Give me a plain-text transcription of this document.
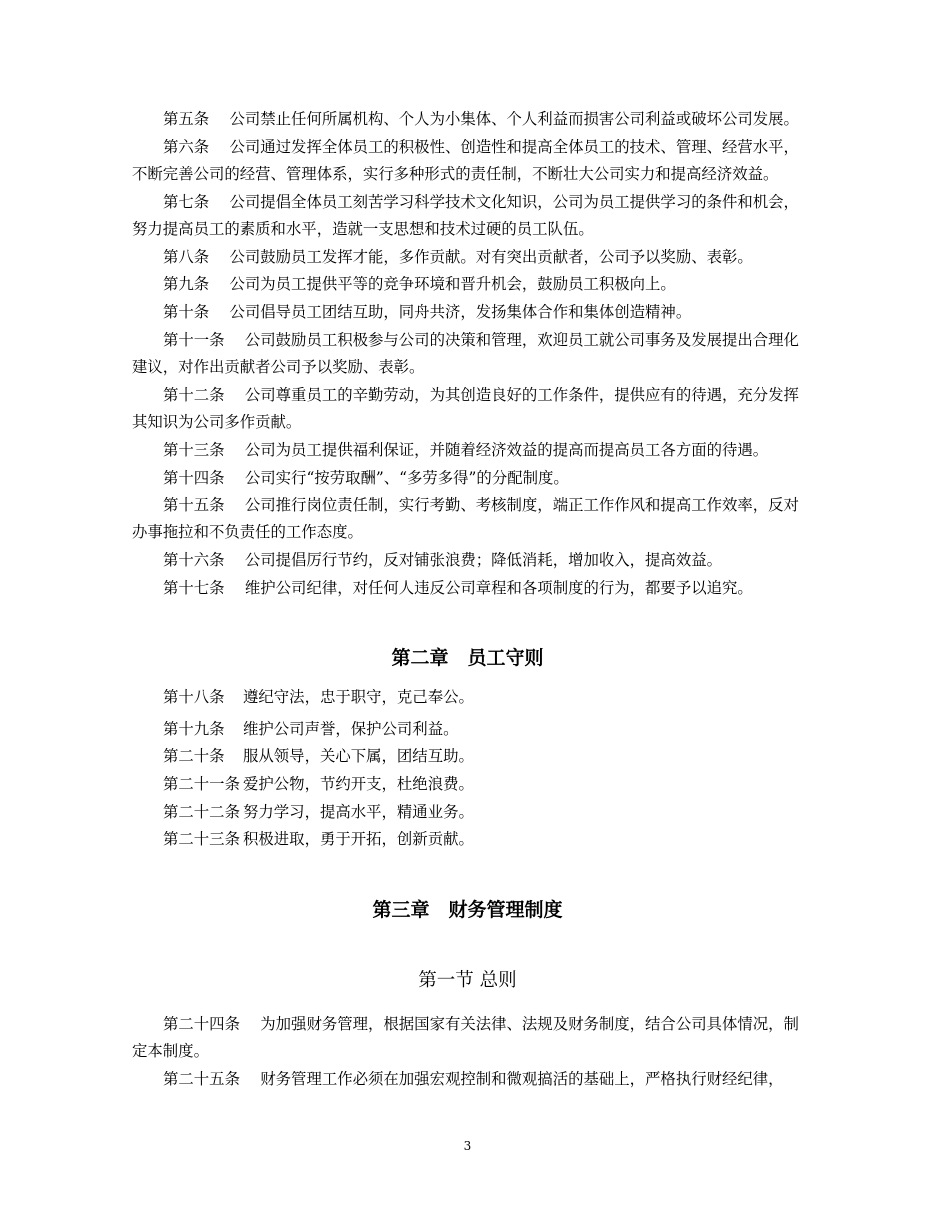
第五条　 公司禁止任何所属机构、个人为小集体、个人利益而损害公司利益或破坏公司发展。

第六条　 公司通过发挥全体员工的积极性、创造性和提高全体员工的技术、管理、经营水平，不断完善公司的经营、管理体系，实行多种形式的责任制，不断壮大公司实力和提高经济效益。

第七条　 公司提倡全体员工刻苦学习科学技术文化知识，公司为员工提供学习的条件和机会，努力提高员工的素质和水平，造就一支思想和技术过硬的员工队伍。

第八条　 公司鼓励员工发挥才能，多作贡献。对有突出贡献者，公司予以奖励、表彰。

第九条　 公司为员工提供平等的竞争环境和晋升机会，鼓励员工积极向上。

第十条　 公司倡导员工团结互助，同舟共济，发扬集体合作和集体创造精神。

第十一条　 公司鼓励员工积极参与公司的决策和管理，欢迎员工就公司事务及发展提出合理化建议，对作出贡献者公司予以奖励、表彰。

第十二条　 公司尊重员工的辛勤劳动，为其创造良好的工作条件，提供应有的待遇，充分发挥其知识为公司多作贡献。

第十三条　 公司为员工提供福利保证，并随着经济效益的提高而提高员工各方面的待遇。

第十四条　 公司实行“按劳取酬”、“多劳多得”的分配制度。

第十五条　 公司推行岗位责任制，实行考勤、考核制度，端正工作作风和提高工作效率，反对办事拖拉和不负责任的工作态度。

第十六条　 公司提倡厉行节约，反对铺张浪费；降低消耗，增加收入，提高效益。

第十七条　 维护公司纪律，对任何人违反公司章程和各项制度的行为，都要予以追究。

第二章　员工守则
第十八条 遵纪守法，忠于职守，克己奉公。
第十九条 维护公司声誉，保护公司利益。
第二十条 服从领导，关心下属，团结互助。
第二十一条 爱护公物，节约开支，杜绝浪费。
第二十二条 努力学习，提高水平，精通业务。
第二十三条 积极进取，勇于开拓，创新贡献。
第三章　财务管理制度
第一节 总则

第二十四条　 为加强财务管理，根据国家有关法律、法规及财务制度，结合公司具体情况，制定本制度。

第二十五条　 财务管理工作必须在加强宏观控制和微观搞活的基础上，严格执行财经纪律，

3
